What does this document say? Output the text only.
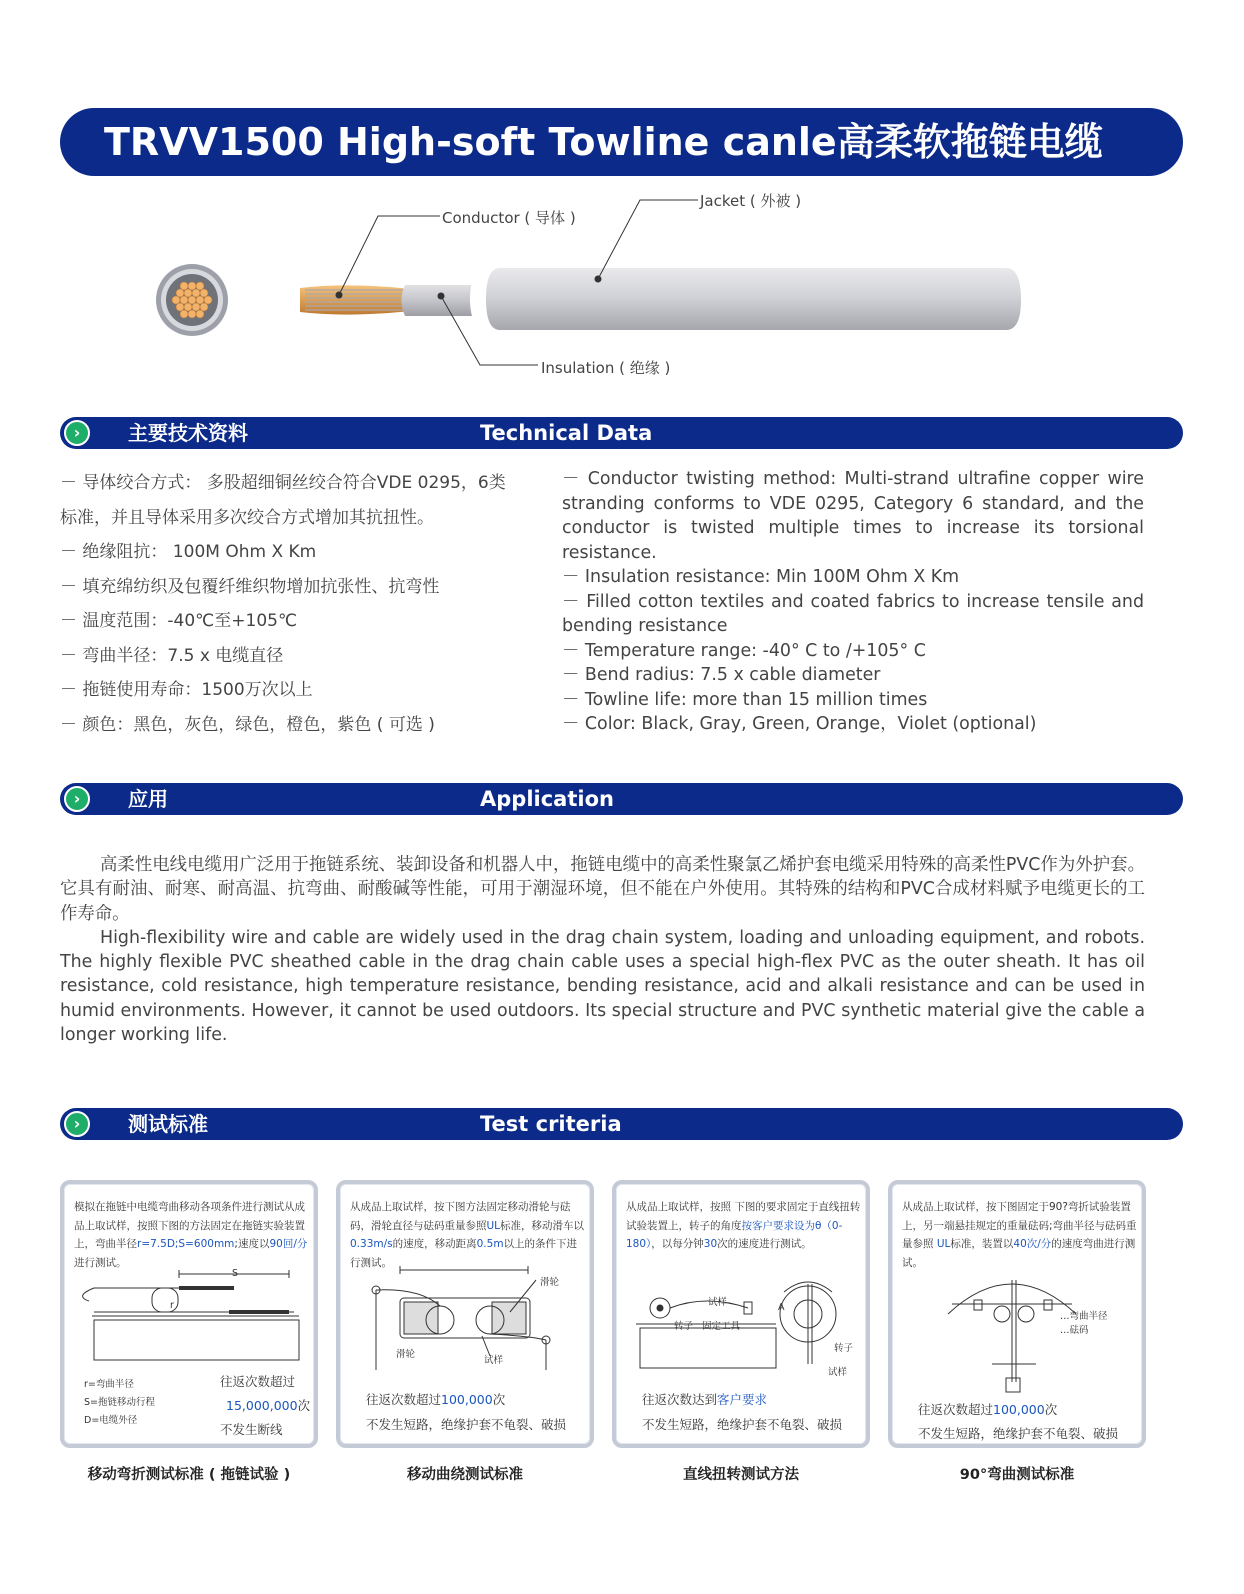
TRVV1500 High-soft Towline canle高柔软拖链电缆
Conductor ( 导体 )
Jacket ( 外被 )
Insulation ( 绝缘 )
›	主要技术资料	Technical Data
－ 导体绞合方式： 多股超细铜丝绞合符合VDE 0295，6类
标准，并且导体采用多次绞合方式增加其抗扭性。
－ 绝缘阻抗： 100M Ohm X Km
－ 填充绵纺织及包覆纤维织物增加抗张性、抗弯性
－ 温度范围：-40℃至+105℃
－ 弯曲半径：7.5 x 电缆直径
－ 拖链使用寿命：1500万次以上
－ 颜色：黑色，灰色，绿色，橙色，紫色 ( 可选 )

－ Conductor twisting method: Multi-strand ultrafine copper wire stranding conforms to VDE 0295, Category 6 standard, and the conductor is twisted multiple times to increase its torsional resistance.

－ Insulation resistance: Min 100M Ohm X Km

－ Filled cotton textiles and coated fabrics to increase tensile and bending resistance

－ Temperature range: -40° C to /+105° C

－ Bend radius: 7.5 x cable diameter

－ Towline life: more than 15 million times

－ Color: Black, Gray, Green, Orange，Violet (optional)

›	应用	Application

高柔性电线电缆用广泛用于拖链系统、装卸设备和机器人中，拖链电缆中的高柔性聚氯乙烯护套电缆采用特殊的高柔性PVC作为外护套。它具有耐油、耐寒、耐高温、抗弯曲、耐酸碱等性能，可用于潮湿环境，但不能在户外使用。其特殊的结构和PVC合成材料赋予电缆更长的工作寿命。

High-flexibility wire and cable are widely used in the drag chain system, loading and unloading equipment, and robots. The highly flexible PVC sheathed cable in the drag chain cable uses a special high-flex PVC as the outer sheath. It has oil resistance, cold resistance, high temperature resistance, bending resistance, acid and alkali resistance and can be used in humid environments. However, it cannot be used outdoors. Its special structure and PVC synthetic material give the cable a longer working life.

›	测试标准	Test criteria
模拟在拖链中电缆弯曲移动各项条件进行测试从成品上取试样，按照下图的方法固定在拖链实验装置上，弯曲半径r=7.5D;S=600mm;速度以90回/分进行测试。
S
r
r=弯曲半径
S=拖链移动行程
D=电缆外径
往返次数超过
15,000,000次
不发生断线
移动弯折测试标准 ( 拖链试验 )
从成品上取试样，按下图方法固定移动滑轮与砝码，滑轮直径与砝码重量参照UL标准，移动滑车以0.33m/s的速度，移动距离0.5m以上的条件下进行测试。
滑轮
滑轮
试样
往返次数超过100,000次
不发生短路，绝缘护套不龟裂、破损
移动曲绕测试标准
从成品上取试样，按照 下图的要求固定于直线扭转试验装置上，转子的角度按客户要求设为θ（0-180），以每分钟30次的速度进行测试。
试样
转子 固定工具
A
转子
试样
往返次数达到客户要求
不发生短路，绝缘护套不龟裂、破损
直线扭转测试方法
从成品上取试样，按下图固定于90?弯折试验装置上，另一端悬挂规定的重量砝码;弯曲半径与砝码重量参照 UL标准，装置以40次/分的速度弯曲进行测试。
…弯曲半径
…砝码
往返次数超过100,000次
不发生短路，绝缘护套不龟裂、破损
90°弯曲测试标准
